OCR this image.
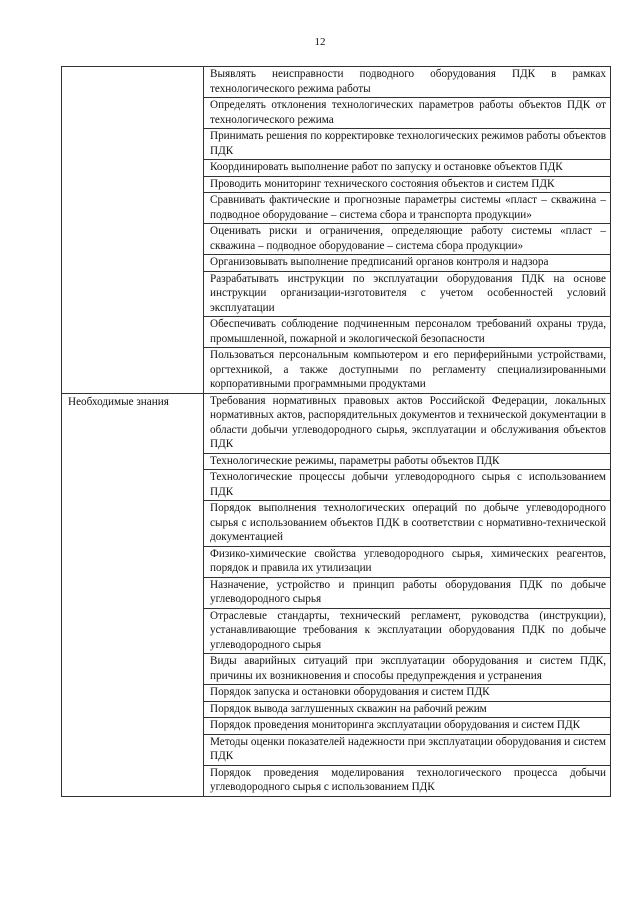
12
Выявлять неисправности подводного оборудования ПДК в рамках технологического режима работы
Определять отклонения технологических параметров работы объектов ПДК от технологического режима
Принимать решения по корректировке технологических режимов работы объектов ПДК
Координировать выполнение работ по запуску и остановке объектов ПДК
Проводить мониторинг технического состояния объектов и систем ПДК
Сравнивать фактические и прогнозные параметры системы «пласт – скважина – подводное оборудование – система сбора и транспорта продукции»
Оценивать риски и ограничения, определяющие работу системы «пласт – скважина – подводное оборудование – система сбора продукции»
Организовывать выполнение предписаний органов контроля и надзора
Разрабатывать инструкции по эксплуатации оборудования ПДК на основе инструкции организации-изготовителя с учетом особенностей условий эксплуатации
Обеспечивать соблюдение подчиненным персоналом требований охраны труда, промышленной, пожарной и экологической безопасности
Пользоваться персональным компьютером и его периферийными устройствами, оргтехникой, а также доступными по регламенту специализированными корпоративными программными продуктами
Необходимые знания	Требования нормативных правовых актов Российской Федерации, локальных нормативных актов, распорядительных документов и технической документации в области добычи углеводородного сырья, эксплуатации и обслуживания объектов ПДК
Технологические режимы, параметры работы объектов ПДК
Технологические процессы добычи углеводородного сырья с использованием ПДК
Порядок выполнения технологических операций по добыче углеводородного сырья с использованием объектов ПДК в соответствии с нормативно-технической документацией
Физико-химические свойства углеводородного сырья, химических реагентов, порядок и правила их утилизации
Назначение, устройство и принцип работы оборудования ПДК по добыче углеводородного сырья
Отраслевые стандарты, технический регламент, руководства (инструкции), устанавливающие требования к эксплуатации оборудования ПДК по добыче углеводородного сырья
Виды аварийных ситуаций при эксплуатации оборудования и систем ПДК, причины их возникновения и способы предупреждения и устранения
Порядок запуска и остановки оборудования и систем ПДК
Порядок вывода заглушенных скважин на рабочий режим
Порядок проведения мониторинга эксплуатации оборудования и систем ПДК
Методы оценки показателей надежности при эксплуатации оборудования и систем ПДК
Порядок проведения моделирования технологического процесса добычи углеводородного сырья с использованием ПДК
